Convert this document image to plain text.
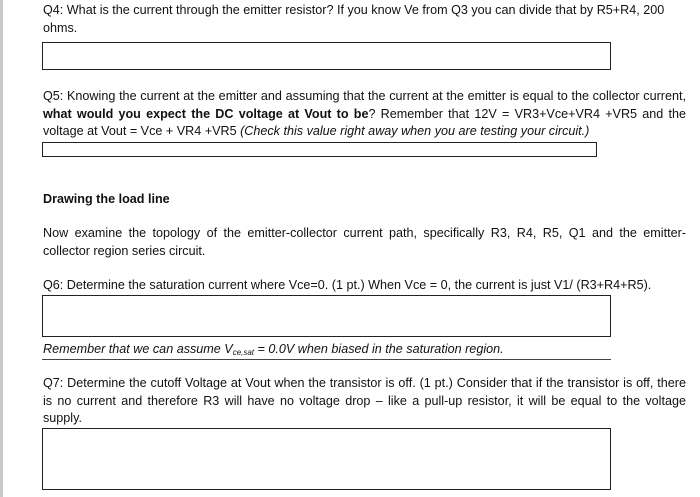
Q4: What is the current through the emitter resistor? If you know Ve from Q3 you can divide that by R5+R4, 200 ohms.

Q5: Knowing the current at the emitter and assuming that the current at the emitter is equal to the collector current, what would you expect the DC voltage at Vout to be? Remember that 12V = VR3+Vce+VR4 +VR5 and the voltage at Vout = Vce + VR4 +VR5 (Check this value right away when you are testing your circuit.)

Drawing the load line

Now examine the topology of the emitter-collector current path, specifically R3, R4, R5, Q1 and the emitter-collector region series circuit.

Q6: Determine the saturation current where Vce=0. (1 pt.) When Vce = 0, the current is just V1/ (R3+R4+R5).

Remember that we can assume $V_{ce,sat} = 0.0V$ when biased in the saturation region.

Q7: Determine the cutoff Voltage at Vout when the transistor is off. (1 pt.) Consider that if the transistor is off, there is no current and therefore R3 will have no voltage drop – like a pull-up resistor, it will be equal to the voltage supply.
